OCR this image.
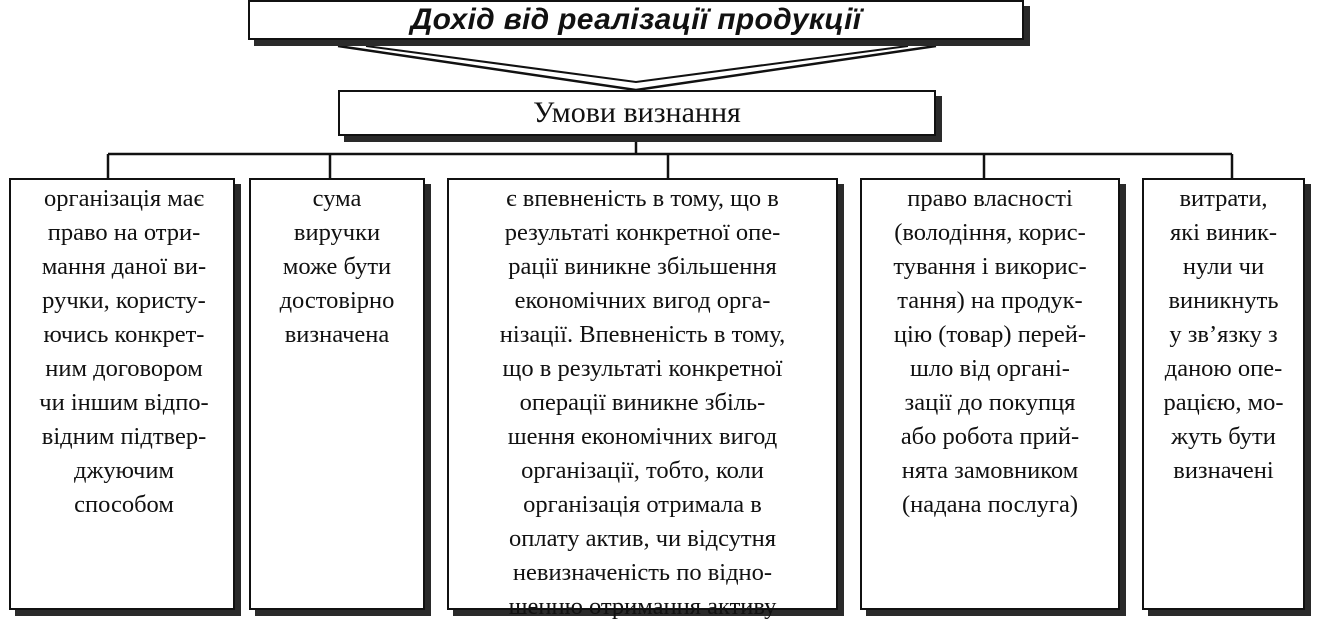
Дохід від реалізації продукції
Умови визнання

організація має
право на отри-
мання даної ви-
ручки, користу-
ючись конкрет-
ним договором
чи іншим відпо-
відним підтвер-
джуючим
способом

сума
виручки
може бути
достовірно
визначена

є впевненість в тому, що в
результаті конкретної опе-
рації виникне збільшення
економічних вигод орга-
нізації. Впевненість в тому,
що в результаті конкретної
операції виникне збіль-
шення економічних вигод
організації, тобто, коли
організація отримала в
оплату актив, чи відсутня
невизначеність по відно-
шенню отримання активу

право власності
(володіння, корис-
тування і викорис-
тання) на продук-
цію (товар) перей-
шло від органі-
зації до покупця
або робота прий-
нята замовником
(надана послуга)

витрати,
які виник-
нули чи
виникнуть
у зв’язку з
даною опе-
рацією, мо-
жуть бути
визначені
